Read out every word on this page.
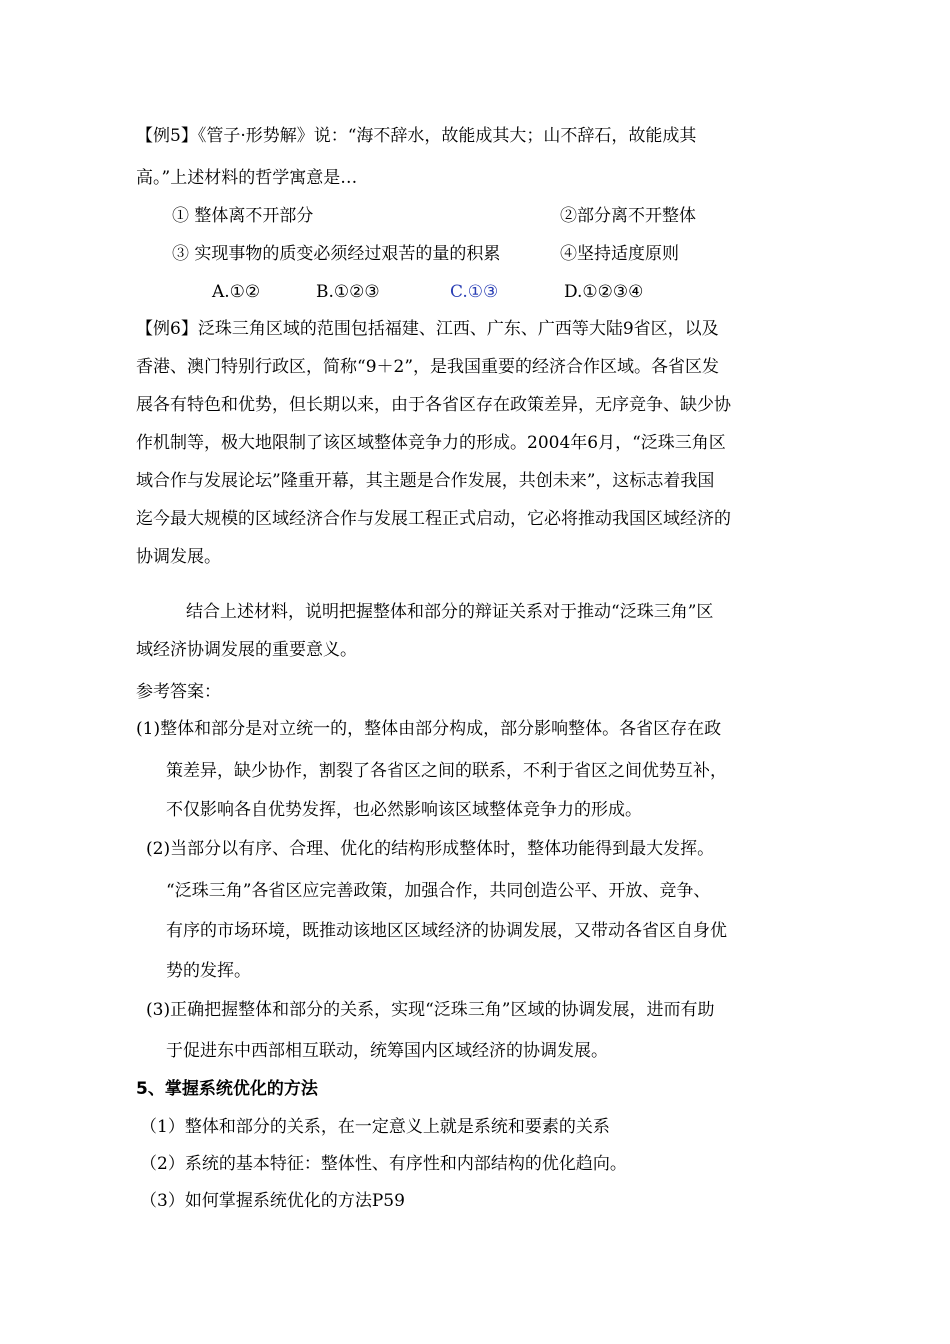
【例5】《管子·形势解》说：“海不辞水，故能成其大；山不辞石，故能成其
高。”上述材料的哲学寓意是…
① 整体离不开部分	②部分离不开整体
③ 实现事物的质变必须经过艰苦的量的积累	④坚持适度原则
A.①②	B.①②③	C.①③	D.①②③④
【例6】泛珠三角区域的范围包括福建、江西、广东、广西等大陆9省区，以及
香港、澳门特别行政区，简称“9＋2”，是我国重要的经济合作区域。各省区发
展各有特色和优势，但长期以来，由于各省区存在政策差异，无序竞争、缺少协
作机制等，极大地限制了该区域整体竞争力的形成。2004年6月，“泛珠三角区
域合作与发展论坛”隆重开幕，其主题是合作发展，共创未来”，这标志着我国
迄今最大规模的区域经济合作与发展工程正式启动，它必将推动我国区域经济的
协调发展。
结合上述材料，说明把握整体和部分的辩证关系对于推动“泛珠三角”区
域经济协调发展的重要意义。
参考答案：
(1)整体和部分是对立统一的，整体由部分构成，部分影响整体。各省区存在政
策差异，缺少协作，割裂了各省区之间的联系，不利于省区之间优势互补，
不仅影响各自优势发挥，也必然影响该区域整体竞争力的形成。
(2)当部分以有序、合理、优化的结构形成整体时，整体功能得到最大发挥。
“泛珠三角”各省区应完善政策，加强合作，共同创造公平、开放、竞争、
有序的市场环境，既推动该地区区域经济的协调发展，又带动各省区自身优
势的发挥。
(3)正确把握整体和部分的关系，实现“泛珠三角”区域的协调发展，进而有助
于促进东中西部相互联动，统筹国内区域经济的协调发展。
5、掌握系统优化的方法
（1）整体和部分的关系，在一定意义上就是系统和要素的关系
（2）系统的基本特征：整体性、有序性和内部结构的优化趋向。
（3）如何掌握系统优化的方法P59
